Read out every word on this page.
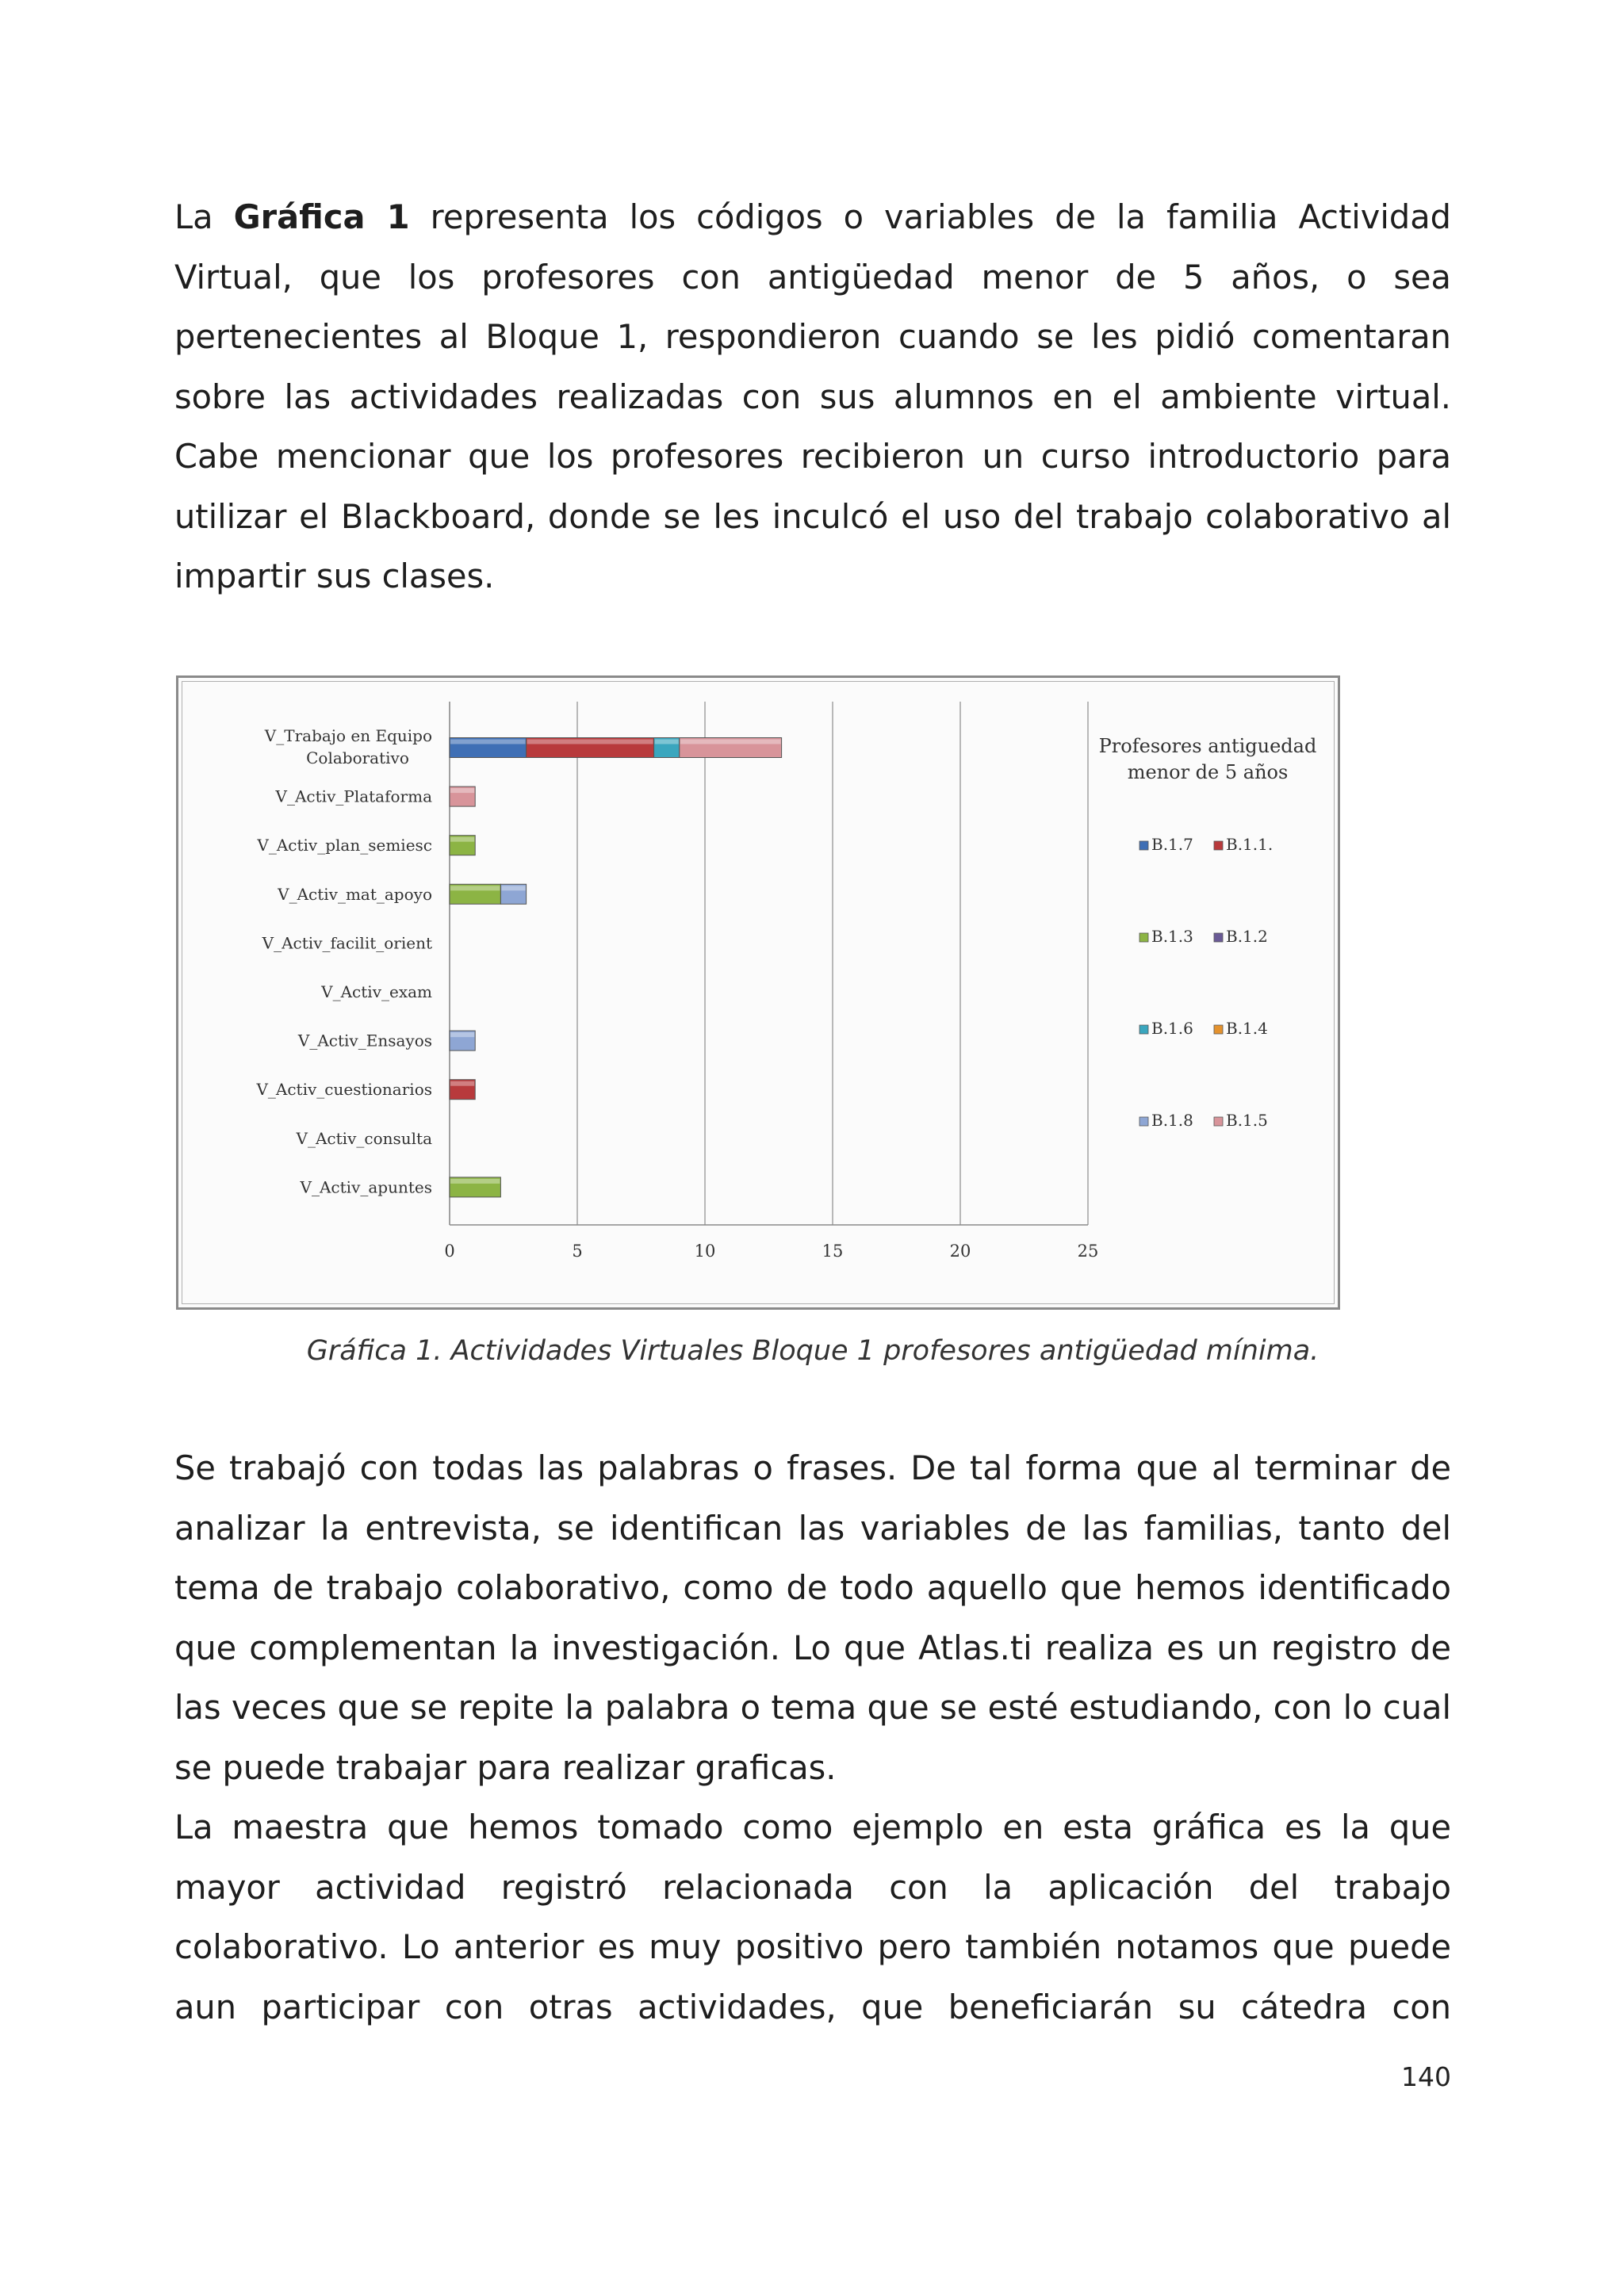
La Gráfica 1 representa los códigos o variables de la familia Actividad
Virtual, que los profesores con antigüedad menor de 5 años, o sea
pertenecientes al Bloque 1, respondieron cuando se les pidió comentaran
sobre las actividades realizadas con sus alumnos en el ambiente virtual.
Cabe mencionar que los profesores recibieron un curso introductorio para
utilizar el Blackboard, donde se les inculcó el uso del trabajo colaborativo al
impartir sus clases.
0	5	10	15	20	25
V_Trabajo en Equipo
Colaborativo
V_Activ_Plataforma
V_Activ_plan_semiesc
V_Activ_mat_apoyo
V_Activ_facilit_orient
V_Activ_exam
V_Activ_Ensayos
V_Activ_cuestionarios
V_Activ_consulta
V_Activ_apuntes
Profesores antiguedad
menor de 5 años
B.1.7 B.1.1.
B.1.3 B.1.2
B.1.6 B.1.4
B.1.8 B.1.5

Gráfica 1. Actividades Virtuales Bloque 1 profesores antigüedad mínima.

Se trabajó con todas las palabras o frases. De tal forma que al terminar de
analizar la entrevista, se identifican las variables de las familias, tanto del
tema de trabajo colaborativo, como de todo aquello que hemos identificado
que complementan la investigación. Lo que Atlas.ti realiza es un registro de
las veces que se repite la palabra o tema que se esté estudiando, con lo cual
se puede trabajar para realizar graficas.
La maestra que hemos tomado como ejemplo en esta gráfica es la que
mayor actividad registró relacionada con la aplicación del trabajo
colaborativo. Lo anterior es muy positivo pero también notamos que puede
aun participar con otras actividades, que beneficiarán su cátedra con

140
